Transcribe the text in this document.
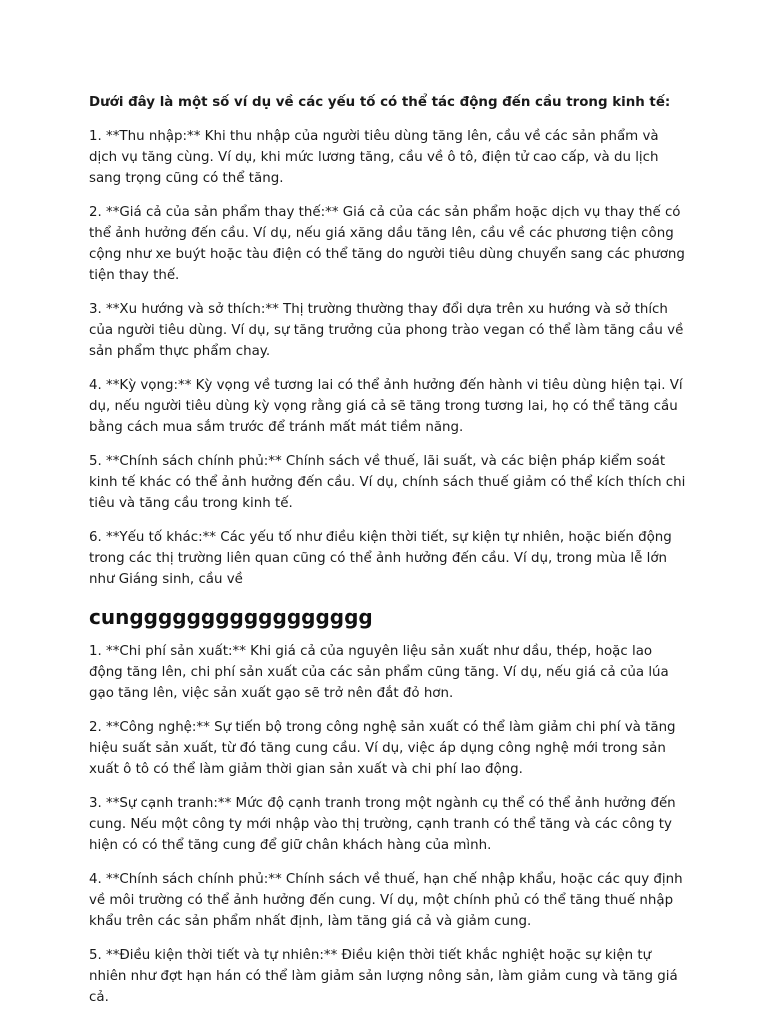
Dưới đây là một số ví dụ về các yếu tố có thể tác động đến cầu trong kinh tế:

1. **Thu nhập:** Khi thu nhập của người tiêu dùng tăng lên, cầu về các sản phẩm và dịch vụ tăng cùng. Ví dụ, khi mức lương tăng, cầu về ô tô, điện tử cao cấp, và du lịch sang trọng cũng có thể tăng.

2. **Giá cả của sản phẩm thay thế:** Giá cả của các sản phẩm hoặc dịch vụ thay thế có thể ảnh hưởng đến cầu. Ví dụ, nếu giá xăng dầu tăng lên, cầu về các phương tiện công cộng như xe buýt hoặc tàu điện có thể tăng do người tiêu dùng chuyển sang các phương tiện thay thế.

3. **Xu hướng và sở thích:** Thị trường thường thay đổi dựa trên xu hướng và sở thích của người tiêu dùng. Ví dụ, sự tăng trưởng của phong trào vegan có thể làm tăng cầu về sản phẩm thực phẩm chay.

4. **Kỳ vọng:** Kỳ vọng về tương lai có thể ảnh hưởng đến hành vi tiêu dùng hiện tại. Ví dụ, nếu người tiêu dùng kỳ vọng rằng giá cả sẽ tăng trong tương lai, họ có thể tăng cầu bằng cách mua sắm trước để tránh mất mát tiềm năng.

5. **Chính sách chính phủ:** Chính sách về thuế, lãi suất, và các biện pháp kiểm soát kinh tế khác có thể ảnh hưởng đến cầu. Ví dụ, chính sách thuế giảm có thể kích thích chi tiêu và tăng cầu trong kinh tế.

6. **Yếu tố khác:** Các yếu tố như điều kiện thời tiết, sự kiện tự nhiên, hoặc biến động trong các thị trường liên quan cũng có thể ảnh hưởng đến cầu. Ví dụ, trong mùa lễ lớn như Giáng sinh, cầu về

cunggggggggggggggggg

1. **Chi phí sản xuất:** Khi giá cả của nguyên liệu sản xuất như dầu, thép, hoặc lao động tăng lên, chi phí sản xuất của các sản phẩm cũng tăng. Ví dụ, nếu giá cả của lúa gạo tăng lên, việc sản xuất gạo sẽ trở nên đắt đỏ hơn.

2. **Công nghệ:** Sự tiến bộ trong công nghệ sản xuất có thể làm giảm chi phí và tăng hiệu suất sản xuất, từ đó tăng cung cầu. Ví dụ, việc áp dụng công nghệ mới trong sản xuất ô tô có thể làm giảm thời gian sản xuất và chi phí lao động.

3. **Sự cạnh tranh:** Mức độ cạnh tranh trong một ngành cụ thể có thể ảnh hưởng đến cung. Nếu một công ty mới nhập vào thị trường, cạnh tranh có thể tăng và các công ty hiện có có thể tăng cung để giữ chân khách hàng của mình.

4. **Chính sách chính phủ:** Chính sách về thuế, hạn chế nhập khẩu, hoặc các quy định về môi trường có thể ảnh hưởng đến cung. Ví dụ, một chính phủ có thể tăng thuế nhập khẩu trên các sản phẩm nhất định, làm tăng giá cả và giảm cung.

5. **Điều kiện thời tiết và tự nhiên:** Điều kiện thời tiết khắc nghiệt hoặc sự kiện tự nhiên như đợt hạn hán có thể làm giảm sản lượng nông sản, làm giảm cung và tăng giá cả.
